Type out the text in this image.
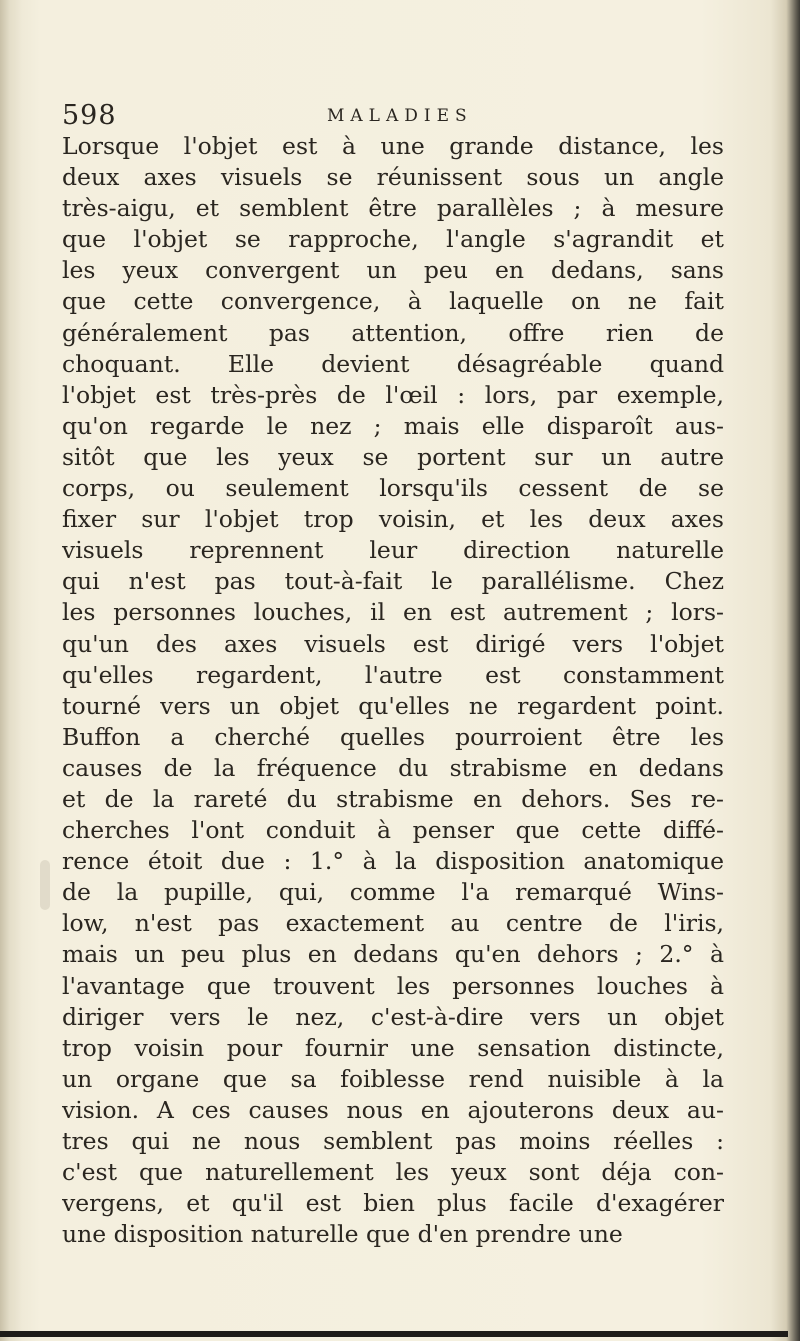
598	MALADIES
Lorsque l'objet est à une grande distance, les
deux axes visuels se réunissent sous un angle
très-aigu, et semblent être parallèles ; à mesure
que l'objet se rapproche, l'angle s'agrandit et
les yeux convergent un peu en dedans, sans
que cette convergence, à laquelle on ne fait
généralement pas attention, offre rien de
choquant. Elle devient désagréable quand
l'objet est très-près de l'œil : lors, par exemple,
qu'on regarde le nez ; mais elle disparoît aus-
sitôt que les yeux se portent sur un autre
corps, ou seulement lorsqu'ils cessent de se
fixer sur l'objet trop voisin, et les deux axes
visuels reprennent leur direction naturelle
qui n'est pas tout-à-fait le parallélisme. Chez
les personnes louches, il en est autrement ; lors-
qu'un des axes visuels est dirigé vers l'objet
qu'elles regardent, l'autre est constamment
tourné vers un objet qu'elles ne regardent point.
Buffon a cherché quelles pourroient être les
causes de la fréquence du strabisme en dedans
et de la rareté du strabisme en dehors. Ses re-
cherches l'ont conduit à penser que cette diffé-
rence étoit due : 1.° à la disposition anatomique
de la pupille, qui, comme l'a remarqué Wins-
low, n'est pas exactement au centre de l'iris,
mais un peu plus en dedans qu'en dehors ; 2.° à
l'avantage que trouvent les personnes louches à
diriger vers le nez, c'est-à-dire vers un objet
trop voisin pour fournir une sensation distincte,
un organe que sa foiblesse rend nuisible à la
vision. A ces causes nous en ajouterons deux au-
tres qui ne nous semblent pas moins réelles :
c'est que naturellement les yeux sont déja con-
vergens, et qu'il est bien plus facile d'exagérer
une disposition naturelle que d'en prendre une
